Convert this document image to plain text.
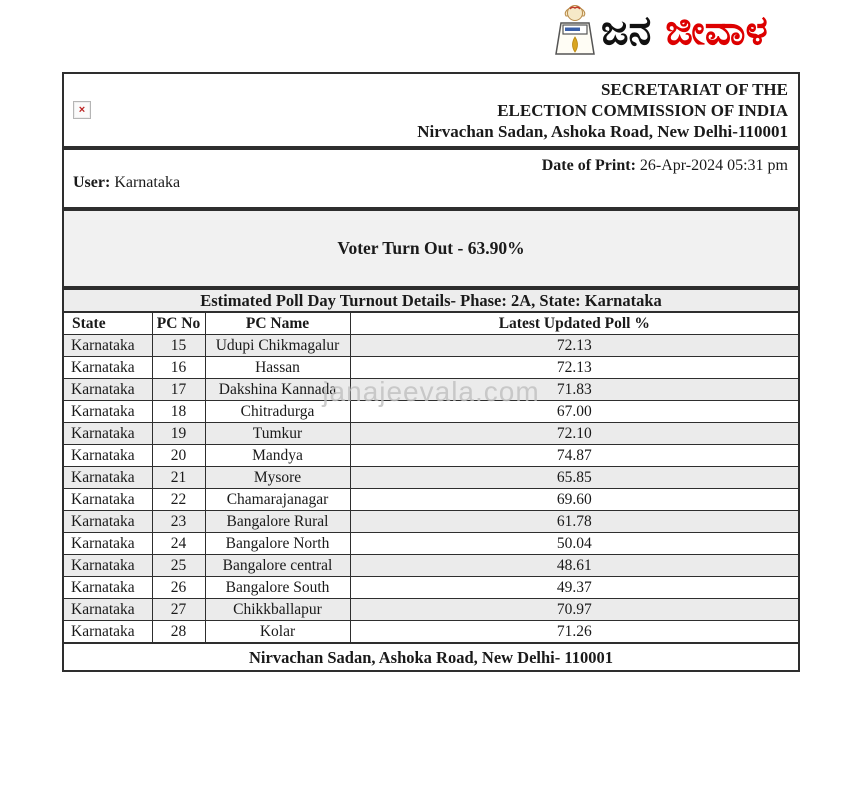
ಜನ ಜೀವಾಳ
×
SECRETARIAT OF THE
ELECTION COMMISSION OF INDIA
Nirvachan Sadan, Ashoka Road, New Delhi-110001
Date of Print: 26-Apr-2024 05:31 pm
User: Karnataka
Voter Turn Out - 63.90%
Estimated Poll Day Turnout Details- Phase: 2A, State: Karnataka			
State	PC No	PC Name	Latest Updated Poll %
Karnataka	15	Udupi Chikmagalur	72.13
Karnataka	16	Hassan	72.13
Karnataka	17	Dakshina Kannada	71.83
Karnataka	18	Chitradurga	67.00
Karnataka	19	Tumkur	72.10
Karnataka	20	Mandya	74.87
Karnataka	21	Mysore	65.85
Karnataka	22	Chamarajanagar	69.60
Karnataka	23	Bangalore Rural	61.78
Karnataka	24	Bangalore North	50.04
Karnataka	25	Bangalore central	48.61
Karnataka	26	Bangalore South	49.37
Karnataka	27	Chikkballapur	70.97
Karnataka	28	Kolar	71.26
Nirvachan Sadan, Ashoka Road, New Delhi- 110001			
janajeevala.com
